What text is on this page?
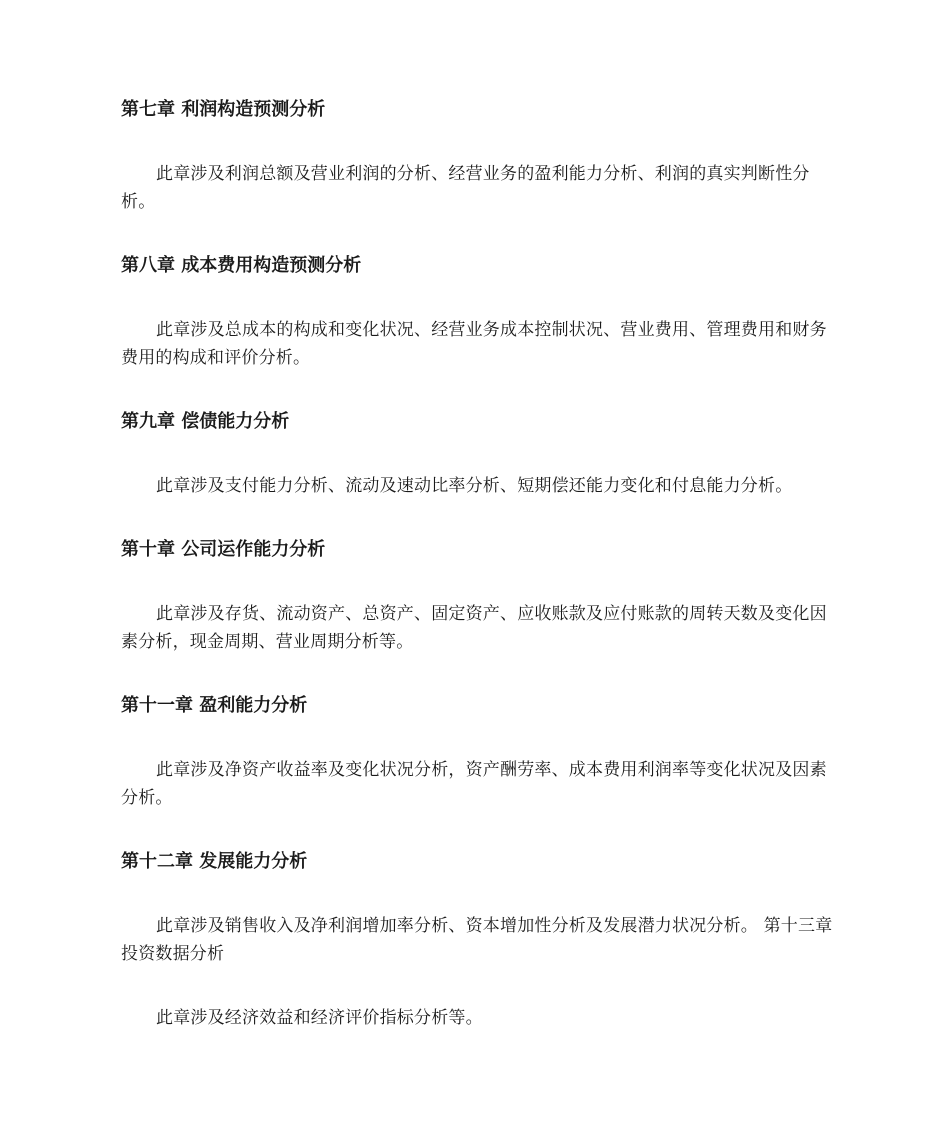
第七章 利润构造预测分析
此章涉及利润总额及营业利润的分析、经营业务的盈利能力分析、利润的真实判断性分析。
第八章 成本费用构造预测分析
此章涉及总成本的构成和变化状况、经营业务成本控制状况、营业费用、管理费用和财务费用的构成和评价分析。
第九章 偿债能力分析
此章涉及支付能力分析、流动及速动比率分析、短期偿还能力变化和付息能力分析。
第十章 公司运作能力分析
此章涉及存货、流动资产、总资产、固定资产、应收账款及应付账款的周转天数及变化因素分析，现金周期、营业周期分析等。
第十一章 盈利能力分析
此章涉及净资产收益率及变化状况分析，资产酬劳率、成本费用利润率等变化状况及因素分析。
第十二章 发展能力分析
此章涉及销售收入及净利润增加率分析、资本增加性分析及发展潜力状况分析。 第十三章 投资数据分析
此章涉及经济效益和经济评价指标分析等。
